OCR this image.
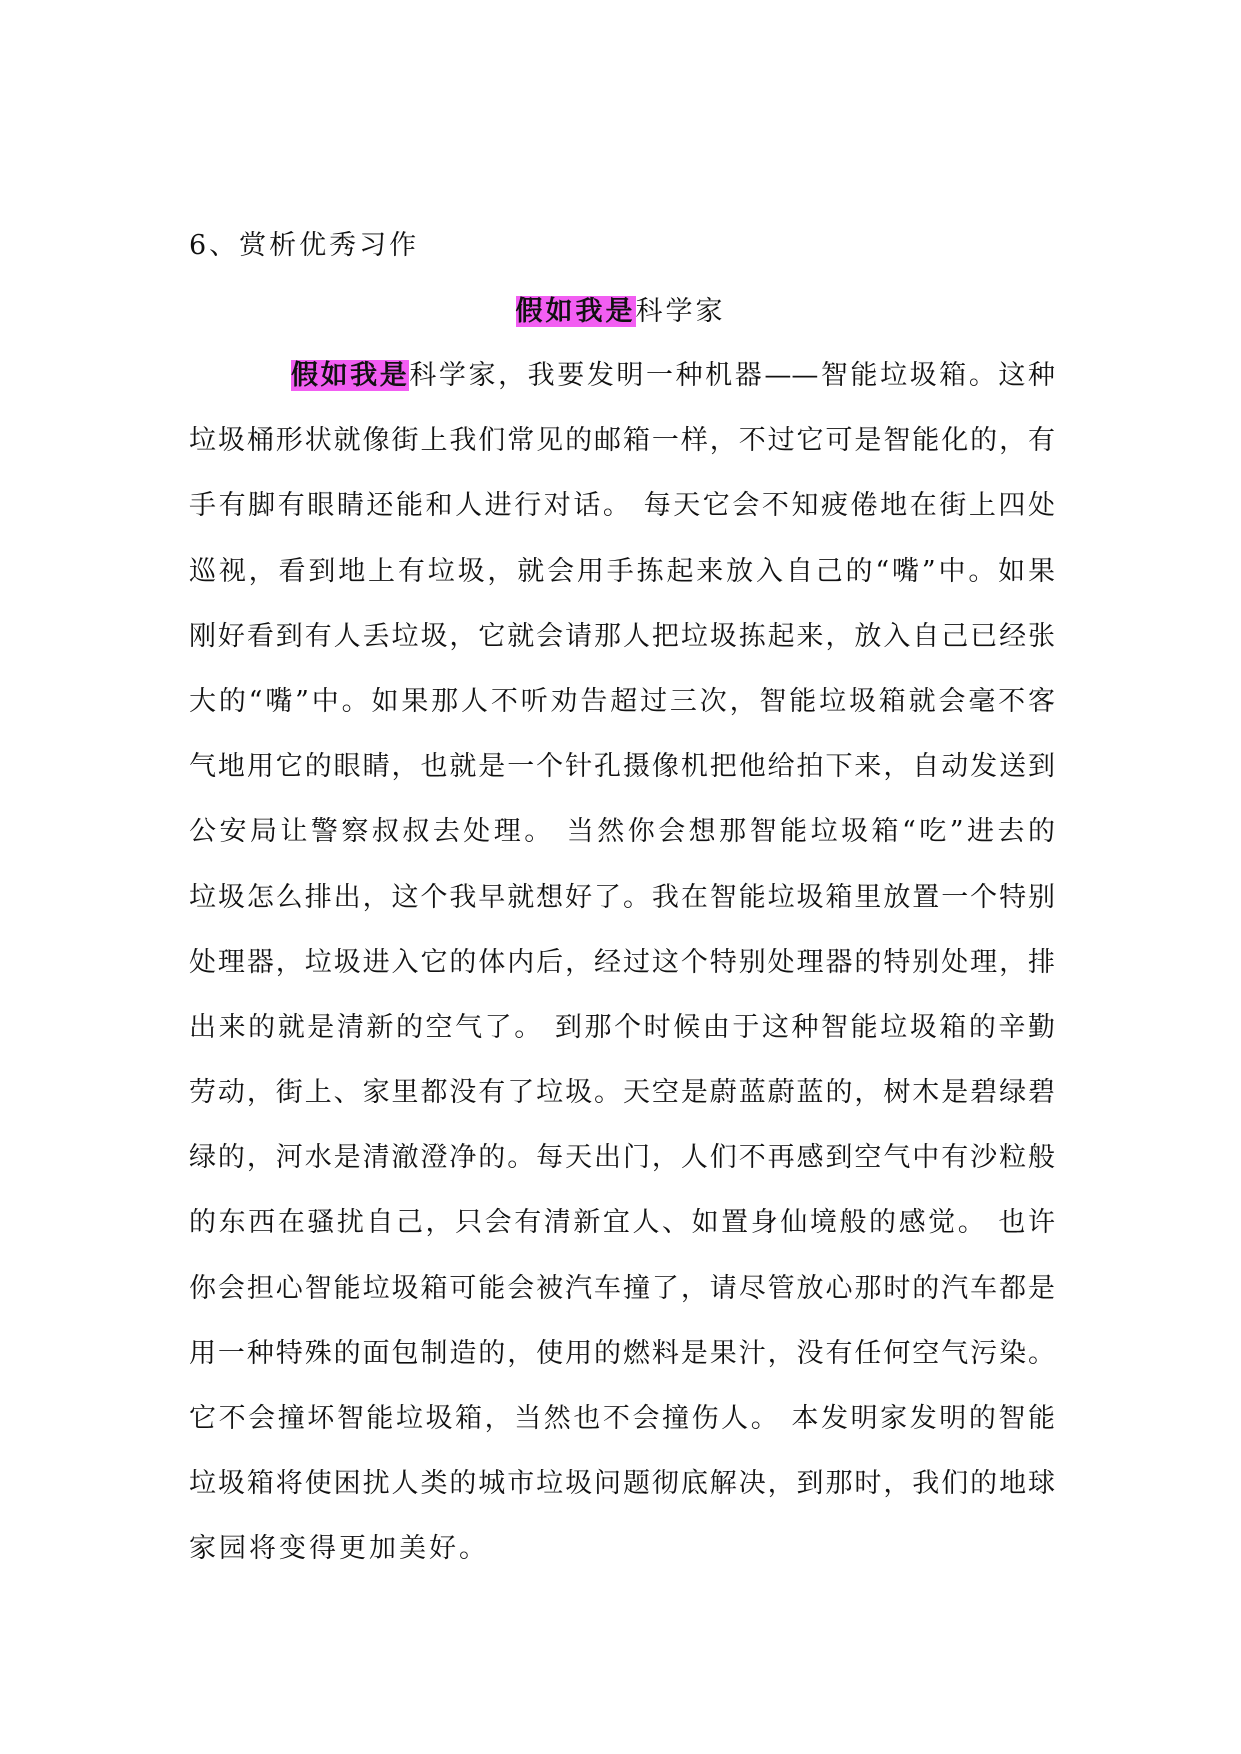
6、赏析优秀习作
假如我是科学家
假如我是科学家，我要发明一种机器——智能垃圾箱。这种
垃圾桶形状就像街上我们常见的邮箱一样，不过它可是智能化的，有
手有脚有眼睛还能和人进行对话。 每天它会不知疲倦地在街上四处
巡视，看到地上有垃圾，就会用手拣起来放入自己的“嘴”中。如果
刚好看到有人丢垃圾，它就会请那人把垃圾拣起来，放入自己已经张
大的“嘴”中。如果那人不听劝告超过三次，智能垃圾箱就会毫不客
气地用它的眼睛，也就是一个针孔摄像机把他给拍下来，自动发送到
公安局让警察叔叔去处理。 当然你会想那智能垃圾箱“吃”进去的
垃圾怎么排出，这个我早就想好了。我在智能垃圾箱里放置一个特别
处理器，垃圾进入它的体内后，经过这个特别处理器的特别处理，排
出来的就是清新的空气了。 到那个时候由于这种智能垃圾箱的辛勤
劳动，街上、家里都没有了垃圾。天空是蔚蓝蔚蓝的，树木是碧绿碧
绿的，河水是清澈澄净的。每天出门，人们不再感到空气中有沙粒般
的东西在骚扰自己，只会有清新宜人、如置身仙境般的感觉。 也许
你会担心智能垃圾箱可能会被汽车撞了，请尽管放心那时的汽车都是
用一种特殊的面包制造的，使用的燃料是果汁，没有任何空气污染。
它不会撞坏智能垃圾箱，当然也不会撞伤人。 本发明家发明的智能
垃圾箱将使困扰人类的城市垃圾问题彻底解决，到那时，我们的地球
家园将变得更加美好。
